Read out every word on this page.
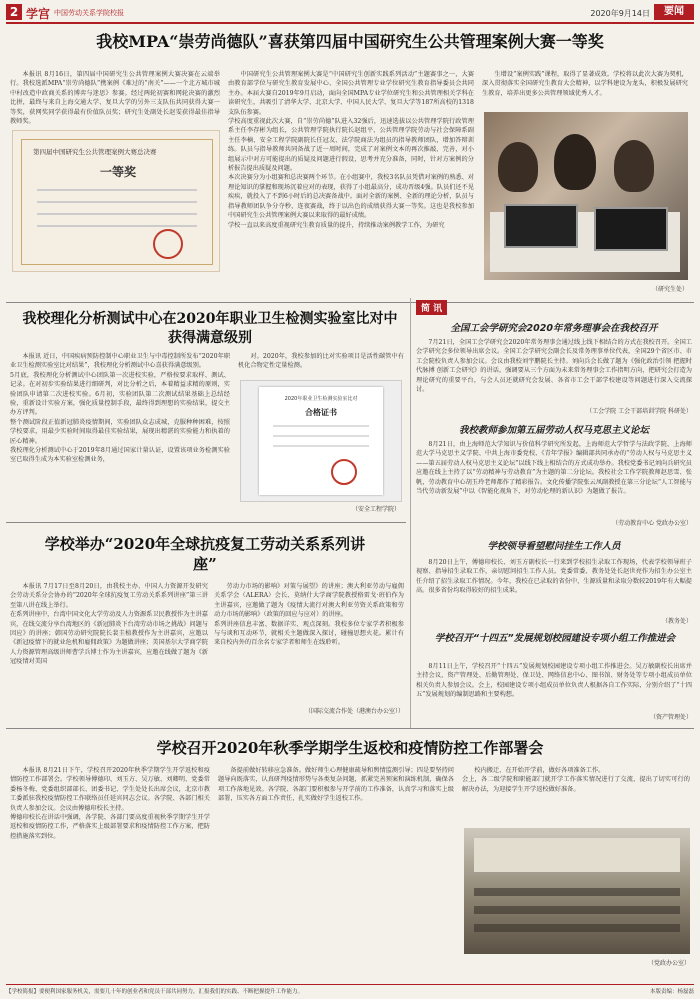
2 学宫 中国劳动关系学院校报	2020年9月14日	要闻
我校MPA“崇劳尚德队”喜获第四届中国研究生公共管理案例大赛一等奖

本报讯 8月16日，第四届中国研究生公共管理案例大赛决赛在云端举行。我校选派MPA“崇劳尚德队”携案例《难过的“南关”——一个北方城市城中村改造中政商关系的博弈与迷思》参赛。经过两轮初赛和网轮决赛的激烈比拼，最终与来自上海交通大学、复旦大学的另外三支队伍共同获得大赛一等奖，获网奖同学获得最有价值队员奖；研究生处副处长赵雯获得最佳指导教师奖。

第四届中国研究生公共管理案例大赛总决赛
一等奖

中国研究生公共管理案例大赛是“中国研究生创新实践系列活动”主题赛事之一，大赛由教育部学位与研究生教育发展中心、全国公共管理专业学位研究生教育指导委员会共同主办。本届大赛自2019年9月启动，面向全国MPA专业学位研究生和公共管理相关学科在读研究生，共吸引了清华大学、北京大学、中国人民大学、复旦大学等187所高校的1318支队伍参赛。
学校高度重视此次大赛，自“崇劳尚德”队进入32强后，迅速选拔以公共管理学院行政管理系主任李存彬为组长，公共管理学院执行院长赵组平、公共管理学院劳动与社会保障系副主任李楠、安全工程学院副院长任冠友、法学院商法为组员的指导教师团队，增加答辩训练。队员与指导教师共同备战了近一周时间，完成了对案例文本的再次推敲、完善，对小组展示中对方可能提出的质疑及问题进行假设，思考并充分准备，同时，针对方案例的分析报告提出质疑及问题。
本次决赛分为小组赛和总决赛两个环节。在小组赛中，我校3名队员凭借对案例的熟悉、对理论知识的掌握和现场沉着应对的表现，获得了小组最高分，成功晋级4强。队员们还不见疾疾，就投入了不到6小时后的总决赛备战中。面对全新的案例、全新的理论分析，队员与指导教师团队争分夺秒，连夜赛战，终于以出色的成绩获得大赛一等奖。这也是我校参加中国研究生公共管理案例大赛以来取得的最好成绩。
学校一直以来高度重视研究生教育质量的提升，持续推动案例教学工作，为研究

生增设“案例实践”课程，取得了显著成效。学校将以此次大赛为契机，深入贯彻落实全国研究生教育大会精神，以学科建设为龙头，积极发展研究生教育，培养出更多公共管理领域优秀人才。

（研究生处）
我校理化分析测试中心在2020年职业卫生检测实验室比对中获得满意级别

本报讯 近日，中国疾病预防控制中心职业卫生与中毒控制所发布“2020年职业卫生检测实验室比对结果”，我校理化分析测试中心喜获得满意级别。
5月底，我校理化分析测试中心团队第一次进校实验，严格按要求取样、测试、记录。在对初步实验结果进行细研判，对比分析之后，本着精益求精的原则，实验团队申请第二次进校实验。6月初，实验团队第二次测试结果基础上总结经验，重新设计实验方案，强化质量控制手段，最终得到理想的实验结果，提交主办方评判。
整个测试阶段正值新冠肺炎疫情期间，实验团队众志成城，克服种种困难，按照学校要求，用最少实验时间取得最佳实验结果，展现出精湛的实验能力和执着的匠心精神。
我校理化分析测试中心于2019年8月通过国家计量认证，设置该项业务检测实验室已取得生成为本实验室检测业务，

对。2020年，我校参加的比对实验项目是活性碳管中有机化合物定性定量检测。

2020年职业卫生检测实验室比对
合格证书
（安全工程学院）
学校举办“2020年全球抗疫复工劳动关系系列讲座”

本报讯 7月17日至8月20日，由我校主办、中国人力资源开发研究会劳动关系分会协办的“2020年全球抗疫复工劳动关系系列讲座”第三讲至第八讲在线上举行。
在系列讲座中，台湾中国文化大学劳动及人力资源系卫民教授作为主讲嘉宾，在线交流分享台湾地区的《新冠肺炎下台湾劳动市场之挑战》问题与因应》的讲座；韩国劳动研究院院长裴圭植教授作为主讲嘉宾，应邀以《新冠疫情下的就业危机和雇佣政策》为题做讲座；美国基尔大学商学院人力资源管理高级讲师曹学兵博士作为主讲嘉宾，应邀在线做了题为《新冠疫情对美国

劳动力市场的影响》对策与展望》的讲座；澳大利亚劳动与雇佣关系学会（ALERA）会长、莫纳什大学商学院教授格雷戈·班伯作为主讲嘉宾，应邀做了题为《疫情大流行对澳大利亚劳资关系政策和劳动力市场的影响》（政策的回应与应对）的讲座。
系列讲座信息丰富、数据详实、观点深刻。我校多位专家学者积极参与与谈和互动环节，就相关主题做深入探讨，碰撞思想火花。累计有来自校内外的百余名专家学者和师生在线聆听。

（国际交流合作处（港澳台办公室））
简 讯
全国工会学研究会2020年常务理事会在我校召开

7月21日，全国工会学研究会2020年常务理事会通过线上线下相结合的方式在我校召开。全国工会学研究会多位领导出席会议。全国工会学研究会副会长及常务理事单位代表，全国29个省区市、市工会院校负责人参加会议。会议由我校刘宇鹏院长主持。刘向兵会长做了题为《强化政治引领 把握时代脉搏 创新工会研究》的讲话，强调要从三个方面为未来常务理事会工作指明方向，把研究会打造为理论研究的重要平台，与会人员还就研究会发展、各省市工会干部学校建设等问题进行深入交流探讨。

（工会学院 工会干部培训学院 科研处）
我校教师参加第五届劳动人权马克思主义论坛

8月21日，由上海师范大学知识与价值科学研究所发起，上海师范大学哲学与法政学院、上海师范大学马克思主义学院、中共上海市委党校、《青年学报》编辑部共同承办的“劳动人权与马克思主义——第五届劳动人权马克思主义论坛”以线下线上相结合的方式成功举办。我校党委书记刘向兵研究员应邀在线上主持了以“劳动精神与劳动教育”为主题的第二分论坛。我校社会工作学院教师赵思雪、张帆，劳动教育中心胡玉玲老师都作了精彩报告。文化传播学院张云凤副教授在第三分论坛“人工智能与当代劳动新发展”中以《智能化视角下，对劳动伦理的新认识》为题做了报告。

（劳动教育中心 党政办公室）
学校领导看望慰问挂生工作人员

8月20日上午，傅德印校长、刘玉方副校长一行来到学校招生录取工作现场，代表学校领导班子视察、指导招生录取工作，亲切慰问招生工作人员。党委常委、教务处处长赵世亮作为招生办公室主任介绍了招生录取工作情况。今年，我校在已录取的省份中，生源质量和录取分数较2019年有大幅提高。很多省份均取得较好的招生成果。

（教务处）
学校召开“十四五”发展规划校园建设专项小组工作推进会

8月11日上午，学校召开“十四五”发展规划校园建设专项小组工作推进会。吴万敏副校长出席并主持会议，资产管理处、后勤管理处、保卫处、网络信息中心、图书馆、财务处等专项小组成员单位相关负责人参加会议。会上，校园建设专项小组成员单位负责人根据各自工作实际，分别介绍了“十四五”发展规划的编制思路和主要构想。

（资产管理处）
学校召开2020年秋季学期学生返校和疫情防控工作部署会

本报讯 8月21日下午，学校召开2020年秋季学期学生开学返校和疫情防控工作部署会。学校领导傅德印、刘玉方、吴万敏、刘卿明、党委常委杨冬梅、党委组织部部长、团委书记、学生处处长出席会议，北京市教工委派驻我校疫情防控工作联络员任延宾同志会议。各学院、各部门相关负责人参加会议。会议由傅德印校长主持。
傅德印校长在讲话中强调，各学院、各部门要高度重视秋季学期学生开学返校和疫情防控工作，严格落实上级部署要求和疫情防控工作方案，把防控措施落实到位。

备提前做好转移应急准备。做好师生心理健康疏导和舆情监测引导；四是要坚持问题导向既落实，认真研判疫情形势与各类复杂问题，抓紧完善预案和演练机制，确保各项工作落地见效。各学院、各部门要积极参与开学前的工作准备，认真学习和落实上级部署，压实各方面工作责任，扎实做好学生返校工作。

校内搬迁、在开始开学前，做好各项准备工作。
会上，各二级学院和职能部门就开学工作落实情况进行了交流，提出了切实可行的解决办法，为迎接学生开学返校做好准备。

（党政办公室）
【学校简报】要便利国家服务机关，需要几十年的创业者和党员干部共同努力，汇报我们的实践、不断把握提升工作能力。	本版责编：杨磊磊
